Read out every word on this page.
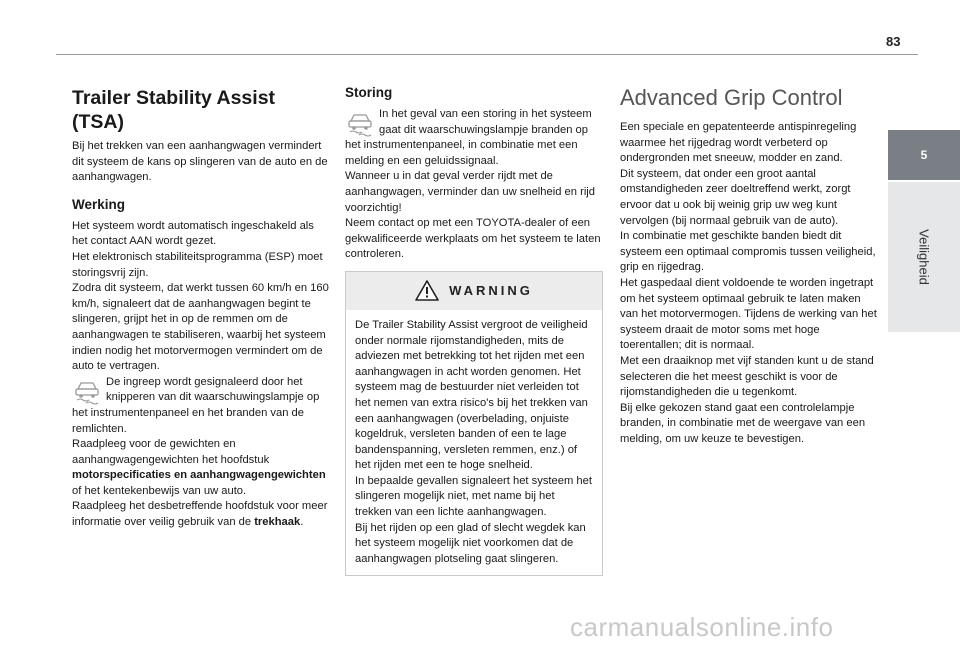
83
5
Veiligheid
Trailer Stability Assist (TSA)

Bij het trekken van een aanhangwagen vermindert dit systeem de kans op slingeren van de auto en de aanhangwagen.

Werking

Het systeem wordt automatisch ingeschakeld als het contact AAN wordt gezet.
Het elektronisch stabiliteitsprogramma (ESP) moet storingsvrij zijn.
Zodra dit systeem, dat werkt tussen 60 km/h en 160 km/h, signaleert dat de aanhangwagen begint te slingeren, grijpt het in op de remmen om de aanhangwagen te stabiliseren, waarbij het systeem indien nodig het motorvermogen vermindert om de auto te vertragen.

De ingreep wordt gesignaleerd door het knipperen van dit waarschuwingslampje op het instrumentenpaneel en het branden van de remlichten.

Raadpleeg voor de gewichten en aanhangwagengewichten het hoofdstuk motorspecificaties en aanhangwagengewichten of het kentekenbewijs van uw auto.
Raadpleeg het desbetreffende hoofdstuk voor meer informatie over veilig gebruik van de trekhaak.

Storing

In het geval van een storing in het systeem gaat dit waarschuwingslampje branden op het instrumentenpaneel, in combinatie met een melding en een geluidssignaal.

Wanneer u in dat geval verder rijdt met de aanhangwagen, verminder dan uw snelheid en rijd voorzichtig!
Neem contact op met een TOYOTA-dealer of een gekwalificeerde werkplaats om het systeem te laten controleren.

WARNING
De Trailer Stability Assist vergroot de veiligheid onder normale rijomstandigheden, mits de adviezen met betrekking tot het rijden met een aanhangwagen in acht worden genomen. Het systeem mag de bestuurder niet verleiden tot het nemen van extra risico's bij het trekken van een aanhangwagen (overbelading, onjuiste kogeldruk, versleten banden of een te lage bandenspanning, versleten remmen, enz.) of het rijden met een te hoge snelheid.
In bepaalde gevallen signaleert het systeem het slingeren mogelijk niet, met name bij het trekken van een lichte aanhangwagen.
Bij het rijden op een glad of slecht wegdek kan het systeem mogelijk niet voorkomen dat de aanhangwagen plotseling gaat slingeren.
Advanced Grip Control

Een speciale en gepatenteerde antispinregeling waarmee het rijgedrag wordt verbeterd op ondergronden met sneeuw, modder en zand.
Dit systeem, dat onder een groot aantal omstandigheden zeer doeltreffend werkt, zorgt ervoor dat u ook bij weinig grip uw weg kunt vervolgen (bij normaal gebruik van de auto).
In combinatie met geschikte banden biedt dit systeem een optimaal compromis tussen veiligheid, grip en rijgedrag.
Het gaspedaal dient voldoende te worden ingetrapt om het systeem optimaal gebruik te laten maken van het motorvermogen. Tijdens de werking van het systeem draait de motor soms met hoge toerentallen; dit is normaal.
Met een draaiknop met vijf standen kunt u de stand selecteren die het meest geschikt is voor de rijomstandigheden die u tegenkomt.
Bij elke gekozen stand gaat een controlelampje branden, in combinatie met de weergave van een melding, om uw keuze te bevestigen.

carmanualsonline.info
